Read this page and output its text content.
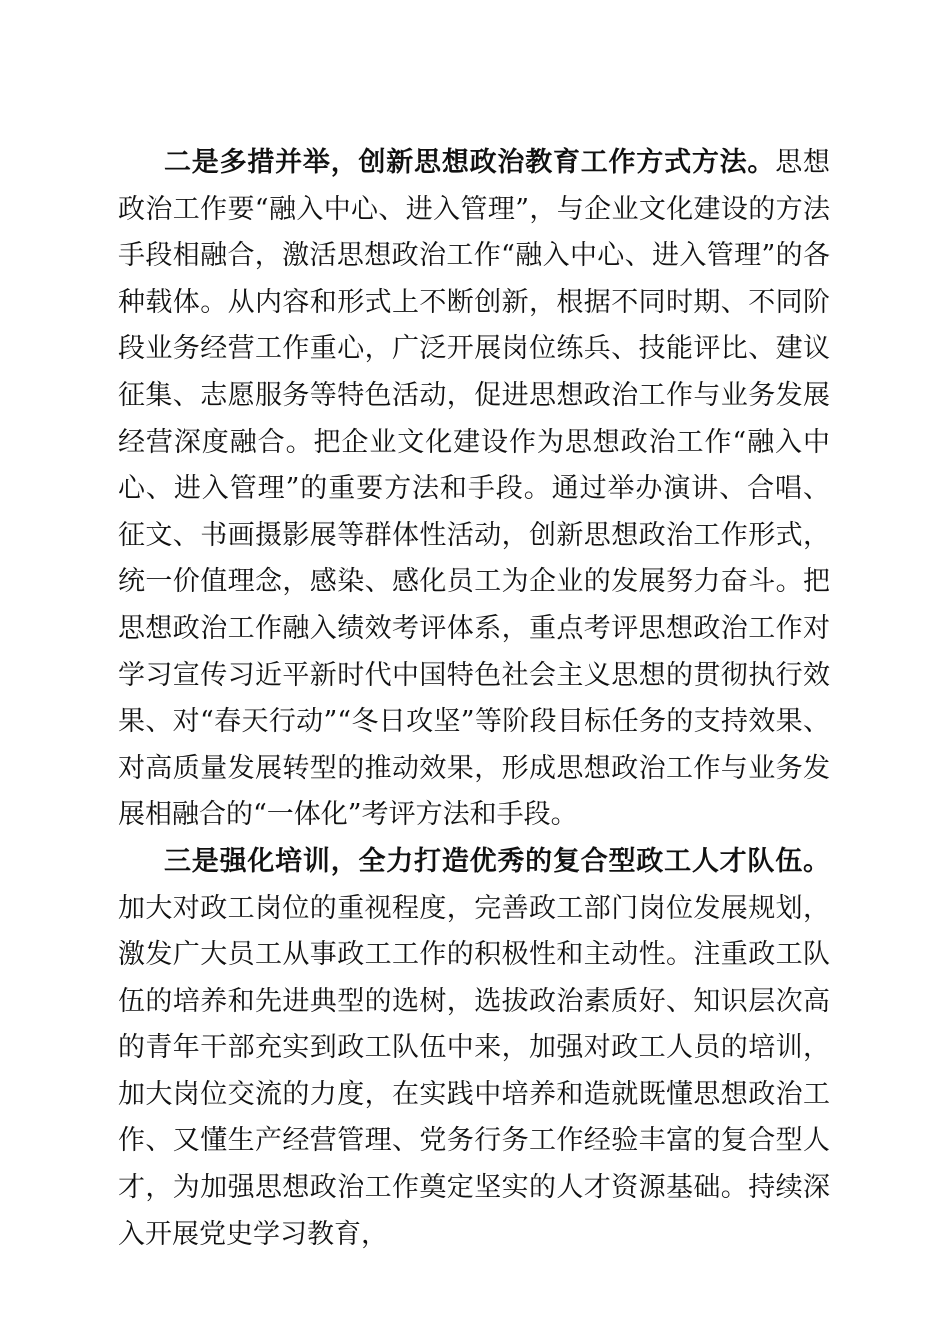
二是多措并举，创新思想政治教育工作方式方法。思想政治工作要“融入中心、进入管理”，与企业文化建设的方法手段相融合，激活思想政治工作“融入中心、进入管理”的各种载体。从内容和形式上不断创新，根据不同时期、不同阶段业务经营工作重心，广泛开展岗位练兵、技能评比、建议征集、志愿服务等特色活动，促进思想政治工作与业务发展经营深度融合。把企业文化建设作为思想政治工作“融入中心、进入管理”的重要方法和手段。通过举办演讲、合唱、征文、书画摄影展等群体性活动，创新思想政治工作形式，统一价值理念，感染、感化员工为企业的发展努力奋斗。把思想政治工作融入绩效考评体系，重点考评思想政治工作对学习宣传习近平新时代中国特色社会主义思想的贯彻执行效果、对“春天行动”“冬日攻坚”等阶段目标任务的支持效果、对高质量发展转型的推动效果，形成思想政治工作与业务发展相融合的“一体化”考评方法和手段。

三是强化培训，全力打造优秀的复合型政工人才队伍。加大对政工岗位的重视程度，完善政工部门岗位发展规划，激发广大员工从事政工工作的积极性和主动性。注重政工队伍的培养和先进典型的选树，选拔政治素质好、知识层次高的青年干部充实到政工队伍中来，加强对政工人员的培训，加大岗位交流的力度，在实践中培养和造就既懂思想政治工作、又懂生产经营管理、党务行务工作经验丰富的复合型人才，为加强思想政治工作奠定坚实的人才资源基础。持续深入开展党史学习教育，
